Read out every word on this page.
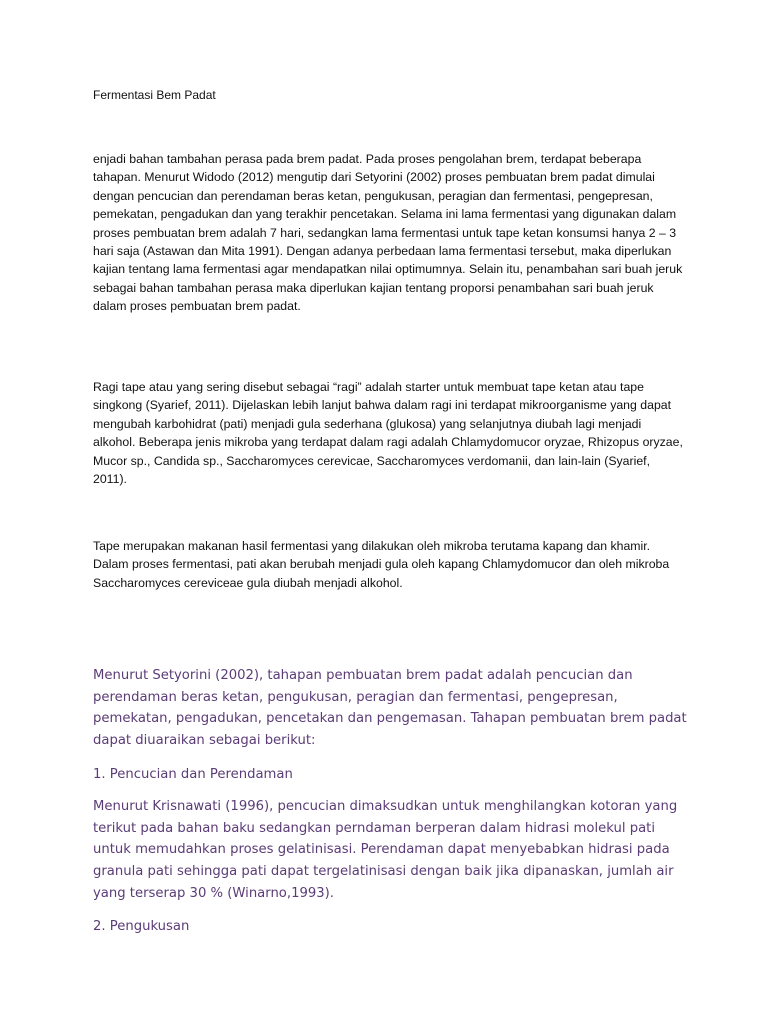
Fermentasi Bem Padat

enjadi bahan tambahan perasa pada brem padat. Pada proses pengolahan brem, terdapat beberapa tahapan. Menurut Widodo (2012) mengutip dari Setyorini (2002) proses pembuatan brem padat dimulai dengan pencucian dan perendaman beras ketan, pengukusan, peragian dan fermentasi, pengepresan, pemekatan, pengadukan dan yang terakhir pencetakan. Selama ini lama fermentasi yang digunakan dalam proses pembuatan brem adalah 7 hari, sedangkan lama fermentasi untuk tape ketan konsumsi hanya 2 – 3 hari saja (Astawan dan Mita 1991). Dengan adanya perbedaan lama fermentasi tersebut, maka diperlukan kajian tentang lama fermentasi agar mendapatkan nilai optimumnya. Selain itu, penambahan sari buah jeruk sebagai bahan tambahan perasa maka diperlukan kajian tentang proporsi penambahan sari buah jeruk dalam proses pembuatan brem padat.

Ragi tape atau yang sering disebut sebagai “ragi” adalah starter untuk membuat tape ketan atau tape singkong (Syarief, 2011). Dijelaskan lebih lanjut bahwa dalam ragi ini terdapat mikroorganisme yang dapat mengubah karbohidrat (pati) menjadi gula sederhana (glukosa) yang selanjutnya diubah lagi menjadi alkohol. Beberapa jenis mikroba yang terdapat dalam ragi adalah Chlamydomucor oryzae, Rhizopus oryzae, Mucor sp., Candida sp., Saccharomyces cerevicae, Saccharomyces verdomanii, dan lain-lain (Syarief, 2011).

Tape merupakan makanan hasil fermentasi yang dilakukan oleh mikroba terutama kapang dan khamir. Dalam proses fermentasi, pati akan berubah menjadi gula oleh kapang Chlamydomucor dan oleh mikroba Saccharomyces cereviceae gula diubah menjadi alkohol.

Menurut Setyorini (2002), tahapan pembuatan brem padat adalah pencucian dan perendaman beras ketan, pengukusan, peragian dan fermentasi, pengepresan, pemekatan, pengadukan, pencetakan dan pengemasan. Tahapan pembuatan brem padat dapat diuaraikan sebagai berikut:

1. Pencucian dan Perendaman

Menurut Krisnawati (1996), pencucian dimaksudkan untuk menghilangkan kotoran yang terikut pada bahan baku sedangkan perndaman berperan dalam hidrasi molekul pati untuk memudahkan proses gelatinisasi. Perendaman dapat menyebabkan hidrasi pada granula pati sehingga pati dapat tergelatinisasi dengan baik jika dipanaskan, jumlah air yang terserap 30 % (Winarno,1993).

2. Pengukusan
